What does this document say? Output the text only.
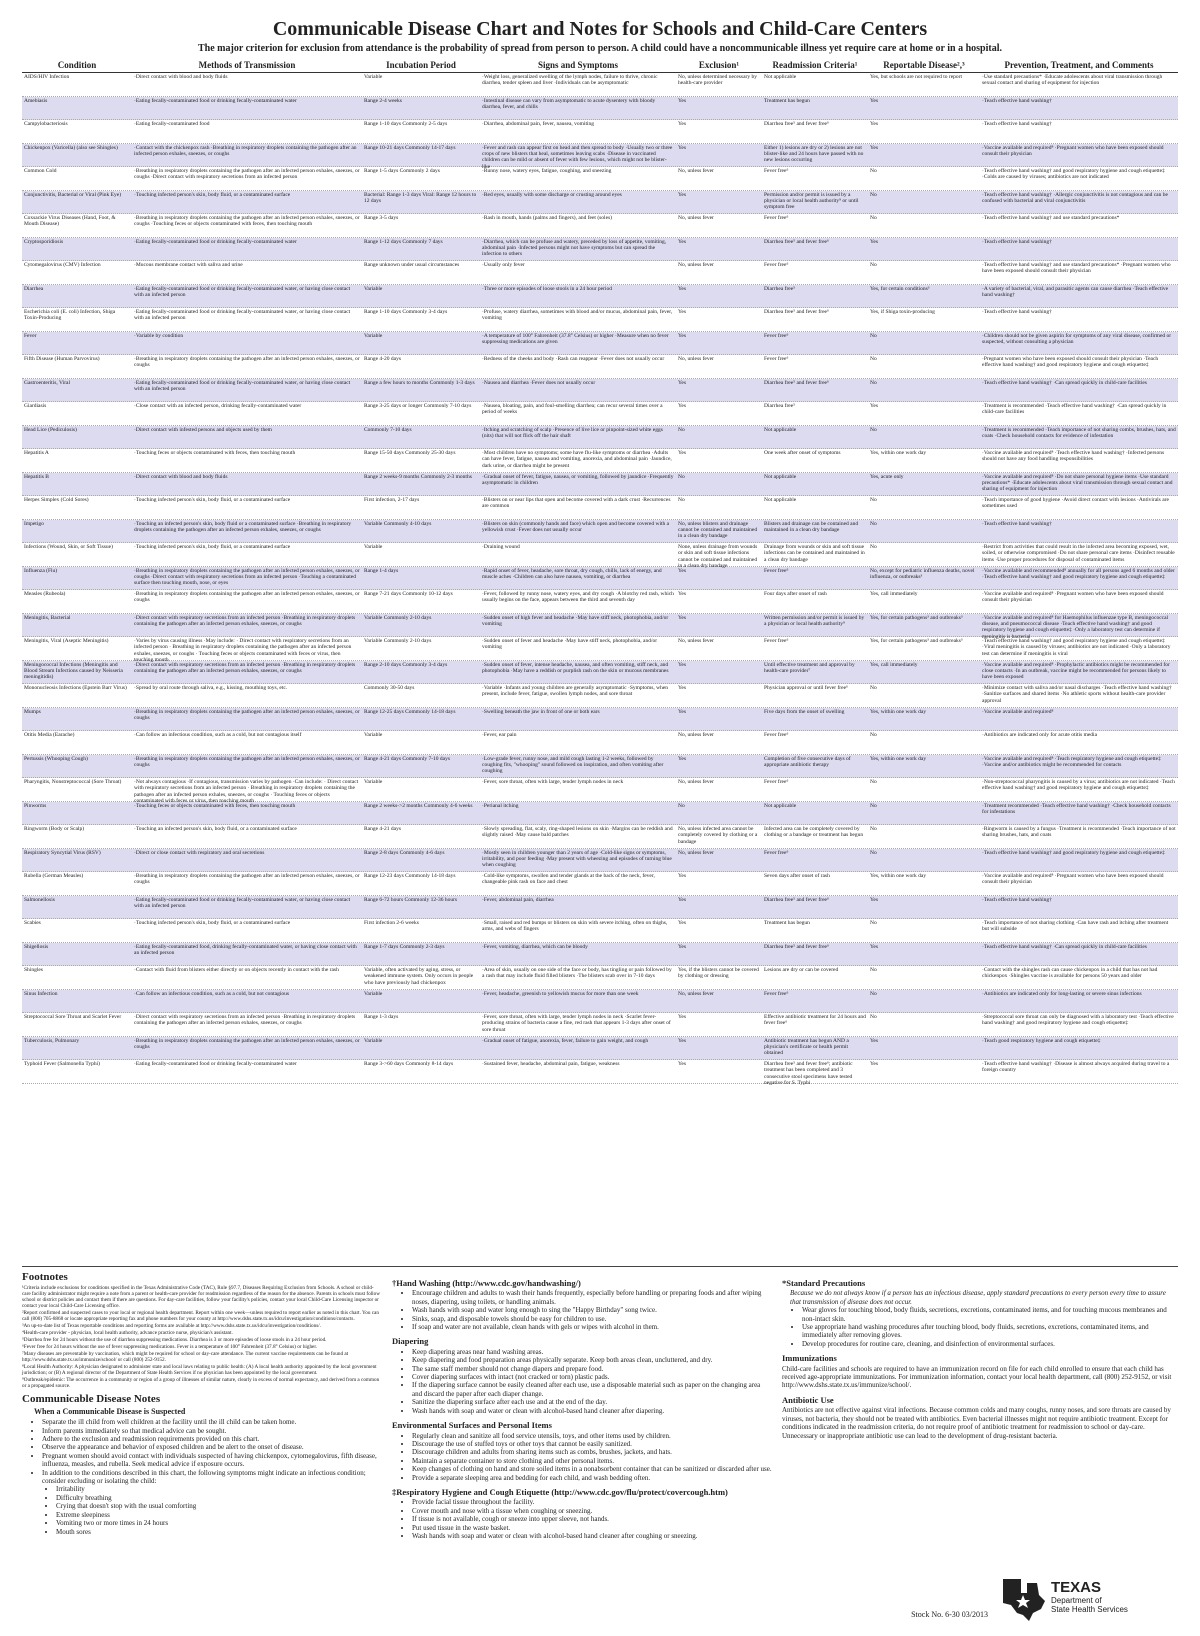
Communicable Disease Chart and Notes for Schools and Child-Care Centers

The major criterion for exclusion from attendance is the probability of spread from person to person. A child could have a noncommunicable illness yet require care at home or in a hospital.

Condition	Methods of Transmission	Incubation Period	Signs and Symptoms	Exclusion¹	Readmission Criteria¹	Reportable Disease²,³	Prevention, Treatment, and Comments
AIDS/HIV Infection	·Direct contact with blood and body fluids	Variable	·Weight loss, generalized swelling of the lymph nodes, failure to thrive, chronic diarrhea, tender spleen and liver ·Individuals can be asymptomatic
No, unless determined necessary by health-care provider
Not applicable	Yes, but schools are not required to report	·Use standard precautions* ·Educate adolescents about viral transmission through sexual contact and sharing of equipment for injection
Amebiasis	·Eating fecally-contaminated food or drinking fecally-contaminated water	Range 2-4 weeks	·Intestinal disease can vary from asymptomatic to acute dysentery with bloody diarrhea, fever, and chills
Yes	Treatment has begun	Yes	·Teach effective hand washing†
Campylobacteriosis	·Eating fecally-contaminated food	Range 1-10 days Commonly 2-5 days	·Diarrhea, abdominal pain, fever, nausea, vomiting	Yes	Diarrhea free⁵ and fever free⁶	Yes	·Teach effective hand washing†
Chickenpox (Varicella) (also see Shingles)	·Contact with the chickenpox rash ·Breathing in respiratory droplets containing the pathogen after an infected person exhales, sneezes, or coughs
Range 10-21 days Commonly 14-17 days	·Fever and rash can appear first on head and then spread to body ·Usually two or three crops of new blisters that heal, sometimes leaving scabs ·Disease in vaccinated children can be mild or absent of fever with few lesions, which might not be blister-like
Yes	Either 1) lesions are dry or 2) lesions are not blister-like and 24 hours have passed with no new lesions occurring
Yes	·Vaccine available and required⁸ ·Pregnant women who have been exposed should consult their physician
Common Cold	·Breathing in respiratory droplets containing the pathogen after an infected person exhales, sneezes, or coughs ·Direct contact with respiratory secretions from an infected person
Range 1-5 days Commonly 2 days	·Runny nose, watery eyes, fatigue, coughing, and sneezing	No, unless fever	Fever free⁶	No	·Teach effective hand washing† and good respiratory hygiene and cough etiquette‡ ·Colds are caused by viruses; antibiotics are not indicated
Conjunctivitis, Bacterial or Viral (Pink Eye)	·Touching infected person's skin, body fluid, or a contaminated surface	Bacterial: Range 1-3 days Viral: Range 12 hours to 12 days
·Red eyes, usually with some discharge or crusting around eyes	Yes	Permission and/or permit is issued by a physician or local health authority⁹ or until symptom free
No	·Teach effective hand washing† ·Allergic conjunctivitis is not contagious and can be confused with bacterial and viral conjunctivitis
Coxsackie Virus Diseases (Hand, Foot, & Mouth Disease)
·Breathing in respiratory droplets containing the pathogen after an infected person exhales, sneezes, or coughs ·Touching feces or objects contaminated with feces, then touching mouth
Range 3-5 days	·Rash in mouth, hands (palms and fingers), and feet (soles)	No, unless fever	Fever free⁶	No	·Teach effective hand washing† and use standard precautions*
Cryptosporidiosis	·Eating fecally-contaminated food or drinking fecally-contaminated water	Range 1-12 days Commonly 7 days	·Diarrhea, which can be profuse and watery, preceded by loss of appetite, vomiting, abdominal pain ·Infected persons might not have symptoms but can spread the infection to others
Yes	Diarrhea free⁵ and fever free⁶	Yes	·Teach effective hand washing†
Cytomegalovirus (CMV) Infection	·Mucous membrane contact with saliva and urine	Range unknown under usual circumstances	·Usually only fever	No, unless fever	Fever free⁶	No	·Teach effective hand washing† and use standard precautions* ·Pregnant women who have been exposed should consult their physician
Diarrhea	·Eating fecally-contaminated food or drinking fecally-contaminated water, or having close contact with an infected person
Variable	·Three or more episodes of loose stools in a 24 hour period	Yes	Diarrhea free⁵	Yes, for certain conditions³	·A variety of bacterial, viral, and parasitic agents can cause diarrhea ·Teach effective hand washing†
Escherichia coli (E. coli) Infection, Shiga Toxin-Producing
·Eating fecally-contaminated food or drinking fecally-contaminated water, or having close contact with an infected person
Range 1-10 days Commonly 3-4 days	·Profuse, watery diarrhea, sometimes with blood and/or mucus, abdominal pain, fever, vomiting
Yes	Diarrhea free⁵ and fever free⁶	Yes, if Shiga toxin-producing	·Teach effective hand washing†
Fever	·Variable by condition	Variable	·A temperature of 100° Fahrenheit (37.8° Celsius) or higher ·Measure when no fever suppressing medications are given
Yes	Fever free⁶	No	·Children should not be given aspirin for symptoms of any viral disease, confirmed or suspected, without consulting a physician
Fifth Disease (Human Parvovirus)	·Breathing in respiratory droplets containing the pathogen after an infected person exhales, sneezes, or coughs
Range 4-20 days	·Redness of the cheeks and body ·Rash can reappear ·Fever does not usually occur	No, unless fever	Fever free⁶	No	·Pregnant women who have been exposed should consult their physician ·Teach effective hand washing† and good respiratory hygiene and cough etiquette‡
Gastroenteritis, Viral	·Eating fecally-contaminated food or drinking fecally-contaminated water, or having close contact with an infected person
Range a few hours to months Commonly 1-3 days	·Nausea and diarrhea ·Fever does not usually occur	Yes	Diarrhea free⁵ and fever free⁶	No	·Teach effective hand washing† ·Can spread quickly in child-care facilities
Giardiasis	·Close contact with an infected person, drinking fecally-contaminated water	Range 3-25 days or longer Commonly 7-10 days	·Nausea, bloating, pain, and foul-smelling diarrhea; can recur several times over a period of weeks
Yes	Diarrhea free⁵	Yes	·Treatment is recommended ·Teach effective hand washing† ·Can spread quickly in child-care facilities
Head Lice (Pediculosis)	·Direct contact with infested persons and objects used by them	Commonly 7-10 days	·Itching and scratching of scalp ·Presence of live lice or pinpoint-sized white eggs (nits) that will not flick off the hair shaft
No	Not applicable	No	·Treatment is recommended ·Teach importance of not sharing combs, brushes, hats, and coats ·Check household contacts for evidence of infestation
Hepatitis A	·Touching feces or objects contaminated with feces, then touching mouth	Range 15-50 days Commonly 25-30 days	·Most children have no symptoms; some have flu-like symptoms or diarrhea ·Adults can have fever, fatigue, nausea and vomiting, anorexia, and abdominal pain ·Jaundice, dark urine, or diarrhea might be present
Yes	One week after onset of symptoms	Yes, within one work day	·Vaccine available and required⁸ ·Teach effective hand washing† ·Infected persons should not have any food handling responsibilities
Hepatitis B	·Direct contact with blood and body fluids	Range 2 weeks-9 months Commonly 2-3 months	·Gradual onset of fever, fatigue, nausea, or vomiting, followed by jaundice ·Frequently asymptomatic in children
No	Not applicable	Yes, acute only	·Vaccine available and required⁸ ·Do not share personal hygiene items ·Use standard precautions* ·Educate adolescents about viral transmission through sexual contact and sharing of equipment for injection
Herpes Simplex (Cold Sores)	·Touching infected person's skin, body fluid, or a contaminated surface	First infection, 2-17 days	·Blisters on or near lips that open and become covered with a dark crust ·Recurrences are common
No	Not applicable	No	·Teach importance of good hygiene ·Avoid direct contact with lesions ·Antivirals are sometimes used
Impetigo	·Touching an infected person's skin, body fluid or a contaminated surface ·Breathing in respiratory droplets containing the pathogen after an infected person exhales, sneezes, or coughs
Variable Commonly 4-10 days	·Blisters on skin (commonly hands and face) which open and become covered with a yellowish crust ·Fever does not usually occur
No, unless blisters and drainage cannot be contained and maintained in a clean dry bandage
Blisters and drainage can be contained and maintained in a clean dry bandage
No	·Teach effective hand washing†
Infections (Wound, Skin, or Soft Tissue)	·Touching infected person's skin, body fluid, or a contaminated surface	Variable	·Draining wound	None, unless drainage from wounds or skin and soft tissue infections cannot be contained and maintained in a clean dry bandage
Drainage from wounds or skin and soft tissue infections can be contained and maintained in a clean dry bandage
No	·Restrict from activities that could result in the infected area becoming exposed, wet, soiled, or otherwise compromised ·Do not share personal care items ·Disinfect reusable items ·Use proper procedures for disposal of contaminated items
Influenza (Flu)	·Breathing in respiratory droplets containing the pathogen after an infected person exhales, sneezes, or coughs ·Direct contact with respiratory secretions from an infected person ·Touching a contaminated surface then touching mouth, nose, or eyes
Range 1-4 days	·Rapid onset of fever, headache, sore throat, dry cough, chills, lack of energy, and muscle aches ·Children can also have nausea, vomiting, or diarrhea
Yes	Fever free⁶	No, except for pediatric influenza deaths, novel influenza, or outbreaks³
·Vaccine available and recommended⁸ annually for all persons aged 6 months and older ·Teach effective hand washing† and good respiratory hygiene and cough etiquette‡
Measles (Rubeola)	·Breathing in respiratory droplets containing the pathogen after an infected person exhales, sneezes, or coughs
Range 7-21 days Commonly 10-12 days	·Fever, followed by runny nose, watery eyes, and dry cough ·A blotchy red rash, which usually begins on the face, appears between the third and seventh day
Yes	Four days after onset of rash	Yes, call immediately	·Vaccine available and required⁸ ·Pregnant women who have been exposed should consult their physician
Meningitis, Bacterial	·Direct contact with respiratory secretions from an infected person ·Breathing in respiratory droplets containing the pathogen after an infected person exhales, sneezes, or coughs
Variable Commonly 2-10 days	·Sudden onset of high fever and headache ·May have stiff neck, photophobia, and/or vomiting
Yes	Written permission and/or permit is issued by a physician or local health authority⁹
Yes, for certain pathogens³ and outbreaks³	·Vaccine available and required⁸ for Haemophilus influenzae type B, meningococcal disease, and pneumococcal disease ·Teach effective hand washing† and good respiratory hygiene and cough etiquette‡ ·Only a laboratory test can determine if meningitis is bacterial
Meningitis, Viral (Aseptic Meningitis)	·Varies by virus causing illness ·May include: · Direct contact with respiratory secretions from an infected person · Breathing in respiratory droplets containing the pathogen after an infected person exhales, sneezes, or coughs · Touching feces or objects contaminated with feces or virus, then touching mouth
Variable Commonly 2-10 days	·Sudden onset of fever and headache ·May have stiff neck, photophobia, and/or vomiting
No, unless fever	Fever free⁶	Yes, for certain pathogens³ and outbreaks³	·Teach effective hand washing† and good respiratory hygiene and cough etiquette‡ ·Viral meningitis is caused by viruses; antibiotics are not indicated ·Only a laboratory test can determine if meningitis is viral
Meningococcal Infections (Meningitis and Blood Stream Infections caused by Neisseria meningitidis)
·Direct contact with respiratory secretions from an infected person ·Breathing in respiratory droplets containing the pathogen after an infected person exhales, sneezes, or coughs
Range 2-10 days Commonly 3-4 days	·Sudden onset of fever, intense headache, nausea, and often vomiting, stiff neck, and photophobia ·May have a reddish or purplish rash on the skin or mucous membranes
Yes	Until effective treatment and approval by health-care provider⁷
Yes, call immediately	·Vaccine available and required⁸ ·Prophylactic antibiotics might be recommended for close contacts ·In an outbreak, vaccine might be recommended for persons likely to have been exposed
Mononucleosis Infections (Epstein Barr Virus)	·Spread by oral route through saliva, e.g., kissing, mouthing toys, etc.	Commonly 30-50 days	·Variable ·Infants and young children are generally asymptomatic ·Symptoms, when present, include fever, fatigue, swollen lymph nodes, and sore throat
Yes	Physician approval or until fever free⁶	No	·Minimize contact with saliva and/or nasal discharges ·Teach effective hand washing† ·Sanitize surfaces and shared items ·No athletic sports without health-care provider approval
Mumps	·Breathing in respiratory droplets containing the pathogen after an infected person exhales, sneezes, or coughs
Range 12-25 days Commonly 14-18 days	·Swelling beneath the jaw in front of one or both ears	Yes	Five days from the onset of swelling	Yes, within one work day	·Vaccine available and required⁸
Otitis Media (Earache)	·Can follow an infectious condition, such as a cold, but not contagious itself	Variable	·Fever, ear pain	No, unless fever	Fever free⁶	No	·Antibiotics are indicated only for acute otitis media
Pertussis (Whooping Cough)	·Breathing in respiratory droplets containing the pathogen after an infected person exhales, sneezes, or coughs
Range 4-21 days Commonly 7-10 days	·Low-grade fever, runny nose, and mild cough lasting 1-2 weeks, followed by coughing fits, "whooping" sound followed on inspiration, and often vomiting after coughing
Yes	Completion of five consecutive days of appropriate antibiotic therapy
Yes, within one work day	·Vaccine available and required⁸ ·Teach respiratory hygiene and cough etiquette‡ ·Vaccine and/or antibiotics might be recommended for contacts
Pharyngitis, Nonstreptococcal (Sore Throat)	·Not always contagious ·If contagious, transmission varies by pathogen ·Can include: · Direct contact with respiratory secretions from an infected person · Breathing in respiratory droplets containing the pathogen after an infected person exhales, sneezes, or coughs · Touching feces or objects contaminated with feces or virus, then touching mouth
Variable	·Fever, sore throat, often with large, tender lymph nodes in neck	No, unless fever	Fever free⁶	No	·Non-streptococcal pharyngitis is caused by a virus; antibiotics are not indicated ·Teach effective hand washing† and good respiratory hygiene and cough etiquette‡
Pinworms	·Touching feces or objects contaminated with feces, then touching mouth	Range 2 weeks->2 months Commonly 4-6 weeks	·Perianal itching	No	Not applicable	No	·Treatment recommended ·Teach effective hand washing† ·Check household contacts for infestations
Ringworm (Body or Scalp)	·Touching an infected person's skin, body fluid, or a contaminated surface	Range 4-21 days	·Slowly spreading, flat, scaly, ring-shaped lesions on skin ·Margins can be reddish and slightly raised ·May cause bald patches
No, unless infected area cannot be completely covered by clothing or a bandage
Infected area can be completely covered by clothing or a bandage or treatment has begun
No	·Ringworm is caused by a fungus ·Treatment is recommended ·Teach importance of not sharing brushes, hats, and coats
Respiratory Syncytial Virus (RSV)	·Direct or close contact with respiratory and oral secretions	Range 2-8 days Commonly 4-6 days	·Mostly seen in children younger than 2 years of age ·Cold-like signs or symptoms, irritability, and poor feeding ·May present with wheezing and episodes of turning blue when coughing
No, unless fever	Fever free⁶	No	·Teach effective hand washing† and good respiratory hygiene and cough etiquette‡
Rubella (German Measles)	·Breathing in respiratory droplets containing the pathogen after an infected person exhales, sneezes, or coughs
Range 12-23 days Commonly 14-18 days	·Cold-like symptoms, swollen and tender glands at the back of the neck, fever, changeable pink rash on face and chest
Yes	Seven days after onset of rash	Yes, within one work day	·Vaccine available and required⁸ ·Pregnant women who have been exposed should consult their physician
Salmonellosis	·Eating fecally-contaminated food or drinking fecally-contaminated water, or having close contact with an infected person
Range 6-72 hours Commonly 12-36 hours	·Fever, abdominal pain, diarrhea	Yes	Diarrhea free⁵ and fever free⁶	Yes	·Teach effective hand washing†
Scabies	·Touching infected person's skin, body fluid, or a contaminated surface	First infection 2-6 weeks	·Small, raised and red bumps or blisters on skin with severe itching, often on thighs, arms, and webs of fingers
Yes	Treatment has begun	No	·Teach importance of not sharing clothing ·Can have rash and itching after treatment but will subside
Shigellosis	·Eating fecally-contaminated food, drinking fecally-contaminated water, or having close contact with an infected person
Range 1-7 days Commonly 2-3 days	·Fever, vomiting, diarrhea, which can be bloody	Yes	Diarrhea free⁵ and fever free⁶	Yes	·Teach effective hand washing† ·Can spread quickly in child-care facilities
Shingles	·Contact with fluid from blisters either directly or on objects recently in contact with the rash	Variable, often activated by aging, stress, or weakened immune system. Only occurs in people who have previously had chickenpox
·Area of skin, usually on one side of the face or body, has tingling or pain followed by a rash that may include fluid filled blisters ·The blisters scab over in 7-10 days
Yes, if the blisters cannot be covered by clothing or dressing
Lesions are dry or can be covered	No	·Contact with the shingles rash can cause chickenpox in a child that has not had chickenpox ·Shingles vaccine is available for persons 50 years and older
Sinus Infection	·Can follow an infectious condition, such as a cold, but not contagious	Variable	·Fever, headache, greenish to yellowish mucus for more than one week	No, unless fever	Fever free⁶	No	·Antibiotics are indicated only for long-lasting or severe sinus infections
Streptococcal Sore Throat and Scarlet Fever	·Direct contact with respiratory secretions from an infected person ·Breathing in respiratory droplets containing the pathogen after an infected person exhales, sneezes, or coughs
Range 1-3 days	·Fever, sore throat, often with large, tender lymph nodes in neck ·Scarlet fever-producing strains of bacteria cause a fine, red rash that appears 1-3 days after onset of sore throat
Yes	Effective antibiotic treatment for 24 hours and fever free⁶
No	·Streptococcal sore throat can only be diagnosed with a laboratory test ·Teach effective hand washing† and good respiratory hygiene and cough etiquette‡
Tuberculosis, Pulmonary	·Breathing in respiratory droplets containing the pathogen after an infected person exhales, sneezes, or coughs
Variable	·Gradual onset of fatigue, anorexia, fever, failure to gain weight, and cough	Yes	Antibiotic treatment has begun AND a physician's certificate or health permit obtained
Yes	·Teach good respiratory hygiene and cough etiquette‡
Typhoid Fever (Salmonella Typhi)	·Eating fecally-contaminated food or drinking fecally-contaminated water	Range 3->60 days Commonly 8-14 days	·Sustained fever, headache, abdominal pain, fatigue, weakness	Yes	Diarrhea free⁵ and fever free⁶; antibiotic treatment has been completed and 3 consecutive stool specimens have tested negative for S. Typhi
Yes	·Teach effective hand washing† ·Disease is almost always acquired during travel to a foreign country
Footnotes

¹Criteria include exclusions for conditions specified in the Texas Administrative Code (TAC), Rule §97.7, Diseases Requiring Exclusion from Schools. A school or child-care facility administrator might require a note from a parent or health-care provider for readmission regardless of the reason for the absence. Parents in schools must follow school or district policies and contact them if there are questions. For day-care facilities, follow your facility's policies, contact your local Child-Care Licensing inspector or contact your local Child-Care Licensing office.

²Report confirmed and suspected cases to your local or regional health department. Report within one week—unless required to report earlier as noted in this chart. You can call (800) 705-8868 or locate appropriate reporting fax and phone numbers for your county at http://www.dshs.state.tx.us/idcu/investigation/conditions/contacts.

³An up-to-date list of Texas reportable conditions and reporting forms are available at http://www.dshs.state.tx.us/idcu/investigation/conditions/.

⁴Health-care provider - physician, local health authority, advance practice nurse, physician's assistant.

⁵Diarrhea free for 24 hours without the use of diarrhea suppressing medications. Diarrhea is 3 or more episodes of loose stools in a 24 hour period.

⁶Fever free for 24 hours without the use of fever suppressing medications. Fever is a temperature of 100° Fahrenheit (37.8° Celsius) or higher.

⁷Many diseases are preventable by vaccination, which might be required for school or day-care attendance. The current vaccine requirements can be found at http://www.dshs.state.tx.us/immunize/school/ or call (800) 252-9152.

⁸Local Health Authority: A physician designated to administer state and local laws relating to public health: (A) A local health authority appointed by the local government jurisdiction; or (B) A regional director of the Department of State Health Services if no physician has been appointed by the local government.

⁹Outbreak/epidemic: The occurrence in a community or region of a group of illnesses of similar nature, clearly in excess of normal expectancy, and derived from a common or a propagated source.

Communicable Disease Notes
When a Communicable Disease is Suspected
• Separate the ill child from well children at the facility until the ill child can be taken home.
• Inform parents immediately so that medical advice can be sought.
• Adhere to the exclusion and readmission requirements provided on this chart.
• Observe the appearance and behavior of exposed children and be alert to the onset of disease.
• Pregnant women should avoid contact with individuals suspected of having chickenpox, cytomegalovirus, fifth disease, influenza, measles, and rubella. Seek medical advice if exposure occurs.
• In addition to the conditions described in this chart, the following symptoms might indicate an infectious condition; consider excluding or isolating the child:
• Irritability
• Difficulty breathing
• Crying that doesn't stop with the usual comforting
• Extreme sleepiness
• Vomiting two or more times in 24 hours
• Mouth sores
†Hand Washing (http://www.cdc.gov/handwashing/)
• Encourage children and adults to wash their hands frequently, especially before handling or preparing foods and after wiping noses, diapering, using toilets, or handling animals.
• Wash hands with soap and water long enough to sing the "Happy Birthday" song twice.
• Sinks, soap, and disposable towels should be easy for children to use.
• If soap and water are not available, clean hands with gels or wipes with alcohol in them.
Diapering
• Keep diapering areas near hand washing areas.
• Keep diapering and food preparation areas physically separate. Keep both areas clean, uncluttered, and dry.
• The same staff member should not change diapers and prepare food.
• Cover diapering surfaces with intact (not cracked or torn) plastic pads.
• If the diapering surface cannot be easily cleaned after each use, use a disposable material such as paper on the changing area and discard the paper after each diaper change.
• Sanitize the diapering surface after each use and at the end of the day.
• Wash hands with soap and water or clean with alcohol-based hand cleaner after diapering.
Environmental Surfaces and Personal Items
• Regularly clean and sanitize all food service utensils, toys, and other items used by children.
• Discourage the use of stuffed toys or other toys that cannot be easily sanitized.
• Discourage children and adults from sharing items such as combs, brushes, jackets, and hats.
• Maintain a separate container to store clothing and other personal items.
• Keep changes of clothing on hand and store soiled items in a nonabsorbent container that can be sanitized or discarded after use.
• Provide a separate sleeping area and bedding for each child, and wash bedding often.
‡Respiratory Hygiene and Cough Etiquette (http://www.cdc.gov/flu/protect/covercough.htm)
• Provide facial tissue throughout the facility.
• Cover mouth and nose with a tissue when coughing or sneezing.
• If tissue is not available, cough or sneeze into upper sleeve, not hands.
• Put used tissue in the waste basket.
• Wash hands with soap and water or clean with alcohol-based hand cleaner after coughing or sneezing.
*Standard Precautions

Because we do not always know if a person has an infectious disease, apply standard precautions to every person every time to assure that transmission of disease does not occur.

• Wear gloves for touching blood, body fluids, secretions, excretions, contaminated items, and for touching mucous membranes and non-intact skin.
• Use appropriate hand washing procedures after touching blood, body fluids, secretions, excretions, contaminated items, and immediately after removing gloves.
• Develop procedures for routine care, cleaning, and disinfection of environmental surfaces.
Immunizations

Child-care facilities and schools are required to have an immunization record on file for each child enrolled to ensure that each child has received age-appropriate immunizations. For immunization information, contact your local health department, call (800) 252-9152, or visit http://www.dshs.state.tx.us/immunize/school/.

Antibiotic Use

Antibiotics are not effective against viral infections. Because common colds and many coughs, runny noses, and sore throats are caused by viruses, not bacteria, they should not be treated with antibiotics. Even bacterial illnesses might not require antibiotic treatment. Except for conditions indicated in the readmission criteria, do not require proof of antibiotic treatment for readmission to school or day-care. Unnecessary or inappropriate antibiotic use can lead to the development of drug-resistant bacteria.

Stock No. 6-30 03/2013
TEXAS
Department of
State Health Services
